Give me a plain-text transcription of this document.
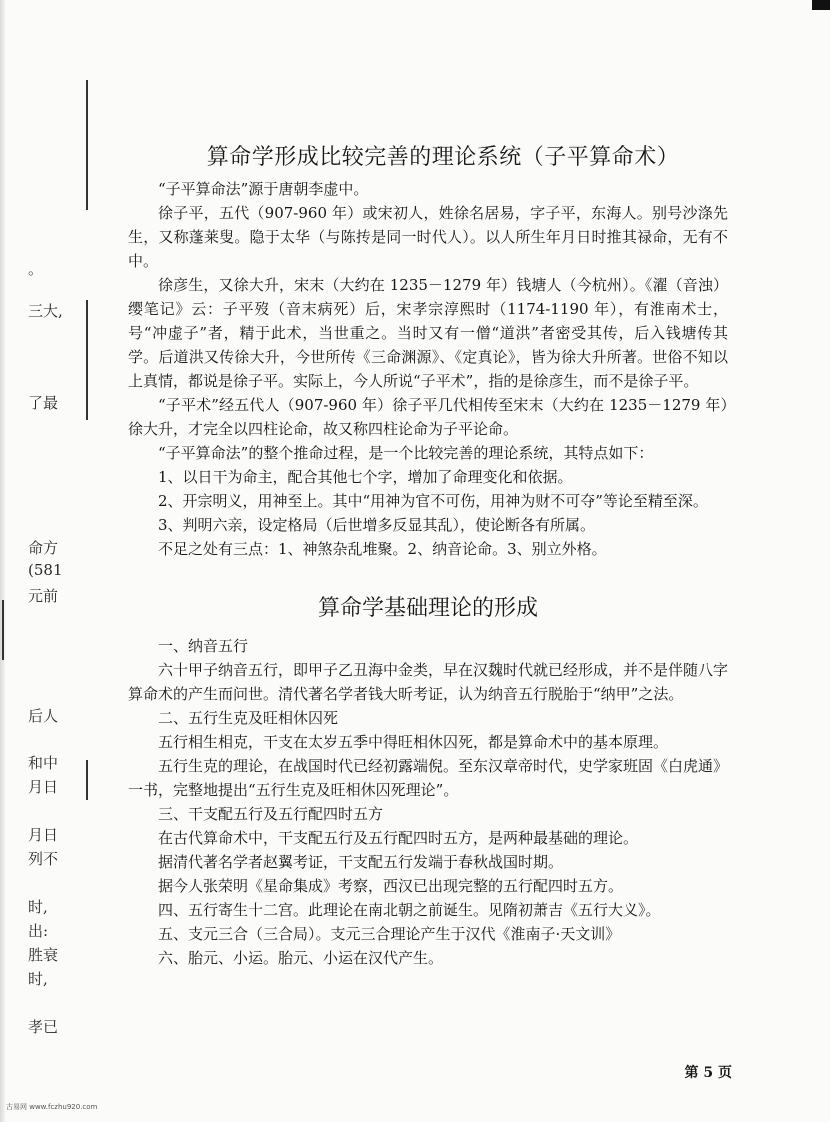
。
三大,
了最
命方
(581
元前
后人
和中
月日
月日
列不
时,
出:
胜衰
时,
孝已
算命学形成比较完善的理论系统（子平算命术）

“子平算命法”源于唐朝李虚中。

徐子平，五代（907-960 年）或宋初人，姓徐名居易，字子平，东海人。别号沙涤先生，又称蓬莱叟。隐于太华（与陈抟是同一时代人）。以人所生年月日时推其禄命，无有不中。

徐彦生，又徐大升，宋末（大约在 1235－1279 年）钱塘人（今杭州）。《濯（音浊）缨笔记》云：子平歿（音末病死）后，宋孝宗淳熙时（1174-1190 年），有淮南术士，号“冲虚子”者，精于此术，当世重之。当时又有一僧“道洪”者密受其传，后入钱塘传其学。后道洪又传徐大升，今世所传《三命渊源》、《定真论》，皆为徐大升所著。世俗不知以上真情，都说是徐子平。实际上，今人所说“子平术”，指的是徐彦生，而不是徐子平。

“子平术”经五代人（907-960 年）徐子平几代相传至宋末（大约在 1235－1279 年）徐大升，才完全以四柱论命，故又称四柱论命为子平论命。

“子平算命法”的整个推命过程，是一个比较完善的理论系统，其特点如下：

1、以日干为命主，配合其他七个字，增加了命理变化和依据。

2、开宗明义，用神至上。其中“用神为官不可伤，用神为财不可夺”等论至精至深。

3、判明六亲，设定格局（后世增多反显其乱），使论断各有所属。

不足之处有三点：1、神煞杂乱堆聚。2、纳音论命。3、别立外格。

算命学基础理论的形成

一、纳音五行

六十甲子纳音五行，即甲子乙丑海中金类，早在汉魏时代就已经形成，并不是伴随八字算命术的产生而问世。清代著名学者钱大昕考证，认为纳音五行脱胎于“纳甲”之法。

二、五行生克及旺相休囚死

五行相生相克，干支在太岁五季中得旺相休囚死，都是算命术中的基本原理。

五行生克的理论，在战国时代已经初露端倪。至东汉章帝时代，史学家班固《白虎通》一书，完整地提出“五行生克及旺相休囚死理论”。

三、干支配五行及五行配四时五方

在古代算命术中，干支配五行及五行配四时五方，是两种最基础的理论。

据清代著名学者赵翼考证，干支配五行发端于春秋战国时期。

据今人张荣明《星命集成》考察，西汉已出现完整的五行配四时五方。

四、五行寄生十二宫。此理论在南北朝之前诞生。见隋初萧吉《五行大义》。

五、支元三合（三合局）。支元三合理论产生于汉代《淮南子·天文训》

六、胎元、小运。胎元、小运在汉代产生。

第 5 页
古易网 www.fczhu920.com
